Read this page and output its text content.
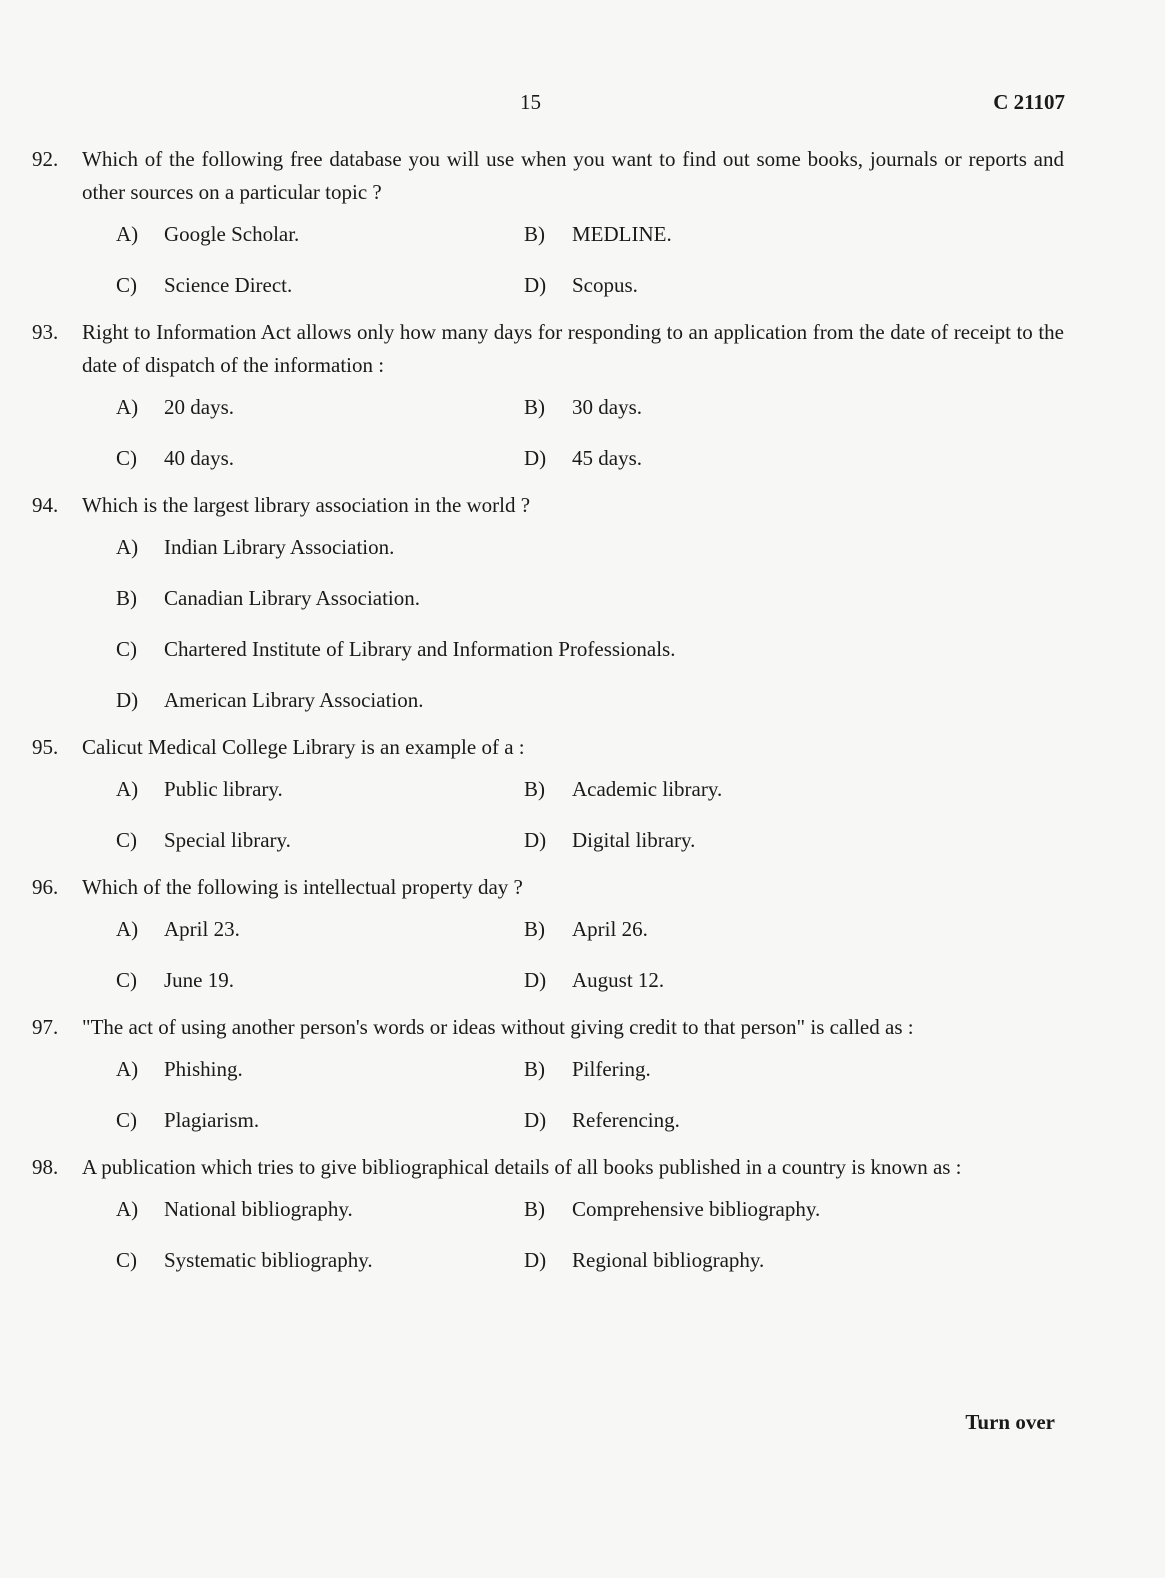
15	C 21107
92.	Which of the following free database you will use when you want to find out some books, journals or reports and other sources on a particular topic ?
A)	Google Scholar.	B)	MEDLINE.
C)	Science Direct.	D)	Scopus.
93.	Right to Information Act allows only how many days for responding to an application from the date of receipt to the date of dispatch of the information :
A)	20 days.	B)	30 days.
C)	40 days.	D)	45 days.
94.	Which is the largest library association in the world ?
A)	Indian Library Association.
B)	Canadian Library Association.
C)	Chartered Institute of Library and Information Professionals.
D)	American Library Association.
95.	Calicut Medical College Library is an example of a :
A)	Public library.	B)	Academic library.
C)	Special library.	D)	Digital library.
96.	Which of the following is intellectual property day ?
A)	April 23.	B)	April 26.
C)	June 19.	D)	August 12.
97.	"The act of using another person's words or ideas without giving credit to that person" is called as :
A)	Phishing.	B)	Pilfering.
C)	Plagiarism.	D)	Referencing.
98.	A publication which tries to give bibliographical details of all books published in a country is known as :
A)	National bibliography.	B)	Comprehensive bibliography.
C)	Systematic bibliography.	D)	Regional bibliography.
Turn over
